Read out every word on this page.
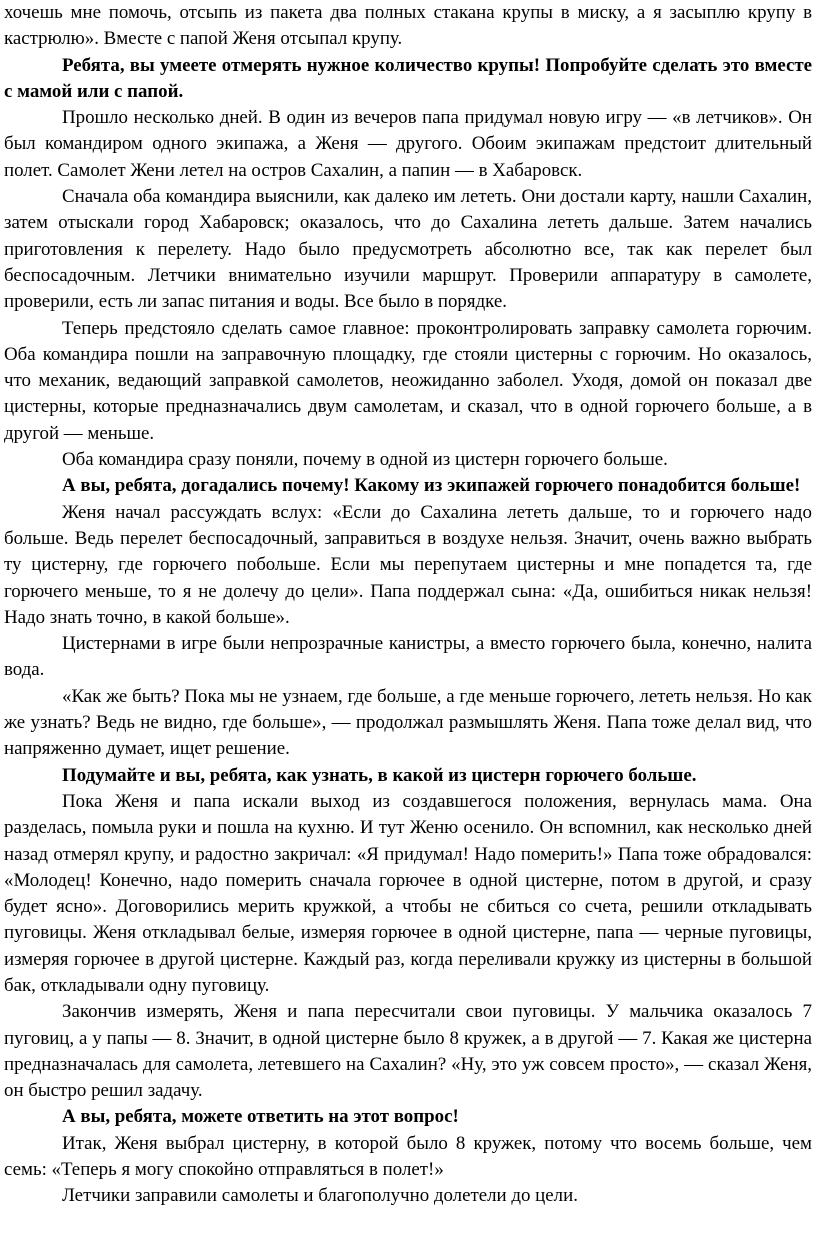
хочешь мне помочь, отсыпь из пакета два полных стакана крупы в миску, а я засыплю крупу в кастрюлю». Вместе с папой Женя отсыпал крупу.

Ребята, вы умеете отмерять нужное количество крупы! Попробуйте сделать это вместе с мамой или с папой.

Прошло несколько дней. В один из вечеров папа придумал новую игру — «в летчиков». Он был командиром одного экипажа, а Женя — другого. Обоим экипажам предстоит длительный полет. Самолет Жени летел на остров Сахалин, а папин — в Хабаровск.

Сначала оба командира выяснили, как далеко им лететь. Они достали карту, нашли Сахалин, затем отыскали город Хабаровск; оказалось, что до Сахалина лететь дальше. Затем начались приготовления к перелету. Надо было предусмотреть абсолютно все, так как перелет был беспосадочным. Летчики внимательно изучили маршрут. Проверили аппаратуру в самолете, проверили, есть ли запас питания и воды. Все было в порядке.

Теперь предстояло сделать самое главное: проконтролировать заправку самолета горючим. Оба командира пошли на заправочную площадку, где стояли цистерны с горючим. Но оказалось, что механик, ведающий заправкой самолетов, неожиданно заболел. Уходя, домой он показал две цистерны, которые предназначались двум самолетам, и сказал, что в одной горючего больше, а в другой — меньше.

Оба командира сразу поняли, почему в одной из цистерн горючего больше.

А вы, ребята, догадались почему! Какому из экипажей горючего понадобится больше!

Женя начал рассуждать вслух: «Если до Сахалина лететь дальше, то и горючего надо больше. Ведь перелет беспосадочный, заправиться в воздухе нельзя. Значит, очень важно выбрать ту цистерну, где горючего побольше. Если мы перепутаем цистерны и мне попадется та, где горючего меньше, то я не долечу до цели». Папа поддержал сына: «Да, ошибиться никак нельзя! Надо знать точно, в какой больше».

Цистернами в игре были непрозрачные канистры, а вместо горючего была, конечно, налита вода.

«Как же быть? Пока мы не узнаем, где больше, а где меньше горючего, лететь нельзя. Но как же узнать? Ведь не видно, где больше», — продолжал размышлять Женя. Папа тоже делал вид, что напряженно думает, ищет решение.

Подумайте и вы, ребята, как узнать, в какой из цистерн горючего больше.

Пока Женя и папа искали выход из создавшегося положения, вернулась мама. Она разделась, помыла руки и пошла на кухню. И тут Женю осенило. Он вспомнил, как несколько дней назад отмерял крупу, и радостно закричал: «Я придумал! Надо померить!» Папа тоже обрадовался: «Молодец! Конечно, надо померить сначала горючее в одной цистерне, потом в другой, и сразу будет ясно». Договорились мерить кружкой, а чтобы не сбиться со счета, решили откладывать пуговицы. Женя откладывал белые, измеряя горючее в одной цистерне, папа — черные пуговицы, измеряя горючее в другой цистерне. Каждый раз, когда переливали кружку из цистерны в большой бак, откладывали одну пуговицу.

Закончив измерять, Женя и папа пересчитали свои пуговицы. У мальчика оказалось 7 пуговиц, а у папы — 8. Значит, в одной цистерне было 8 кружек, а в другой — 7. Какая же цистерна предназначалась для самолета, летевшего на Сахалин? «Ну, это уж совсем просто», — сказал Женя, он быстро решил задачу.

А вы, ребята, можете ответить на этот вопрос!

Итак, Женя выбрал цистерну, в которой было 8 кружек, потому что восемь больше, чем семь: «Теперь я могу спокойно отправляться в полет!»

Летчики заправили самолеты и благополучно долетели до цели.
